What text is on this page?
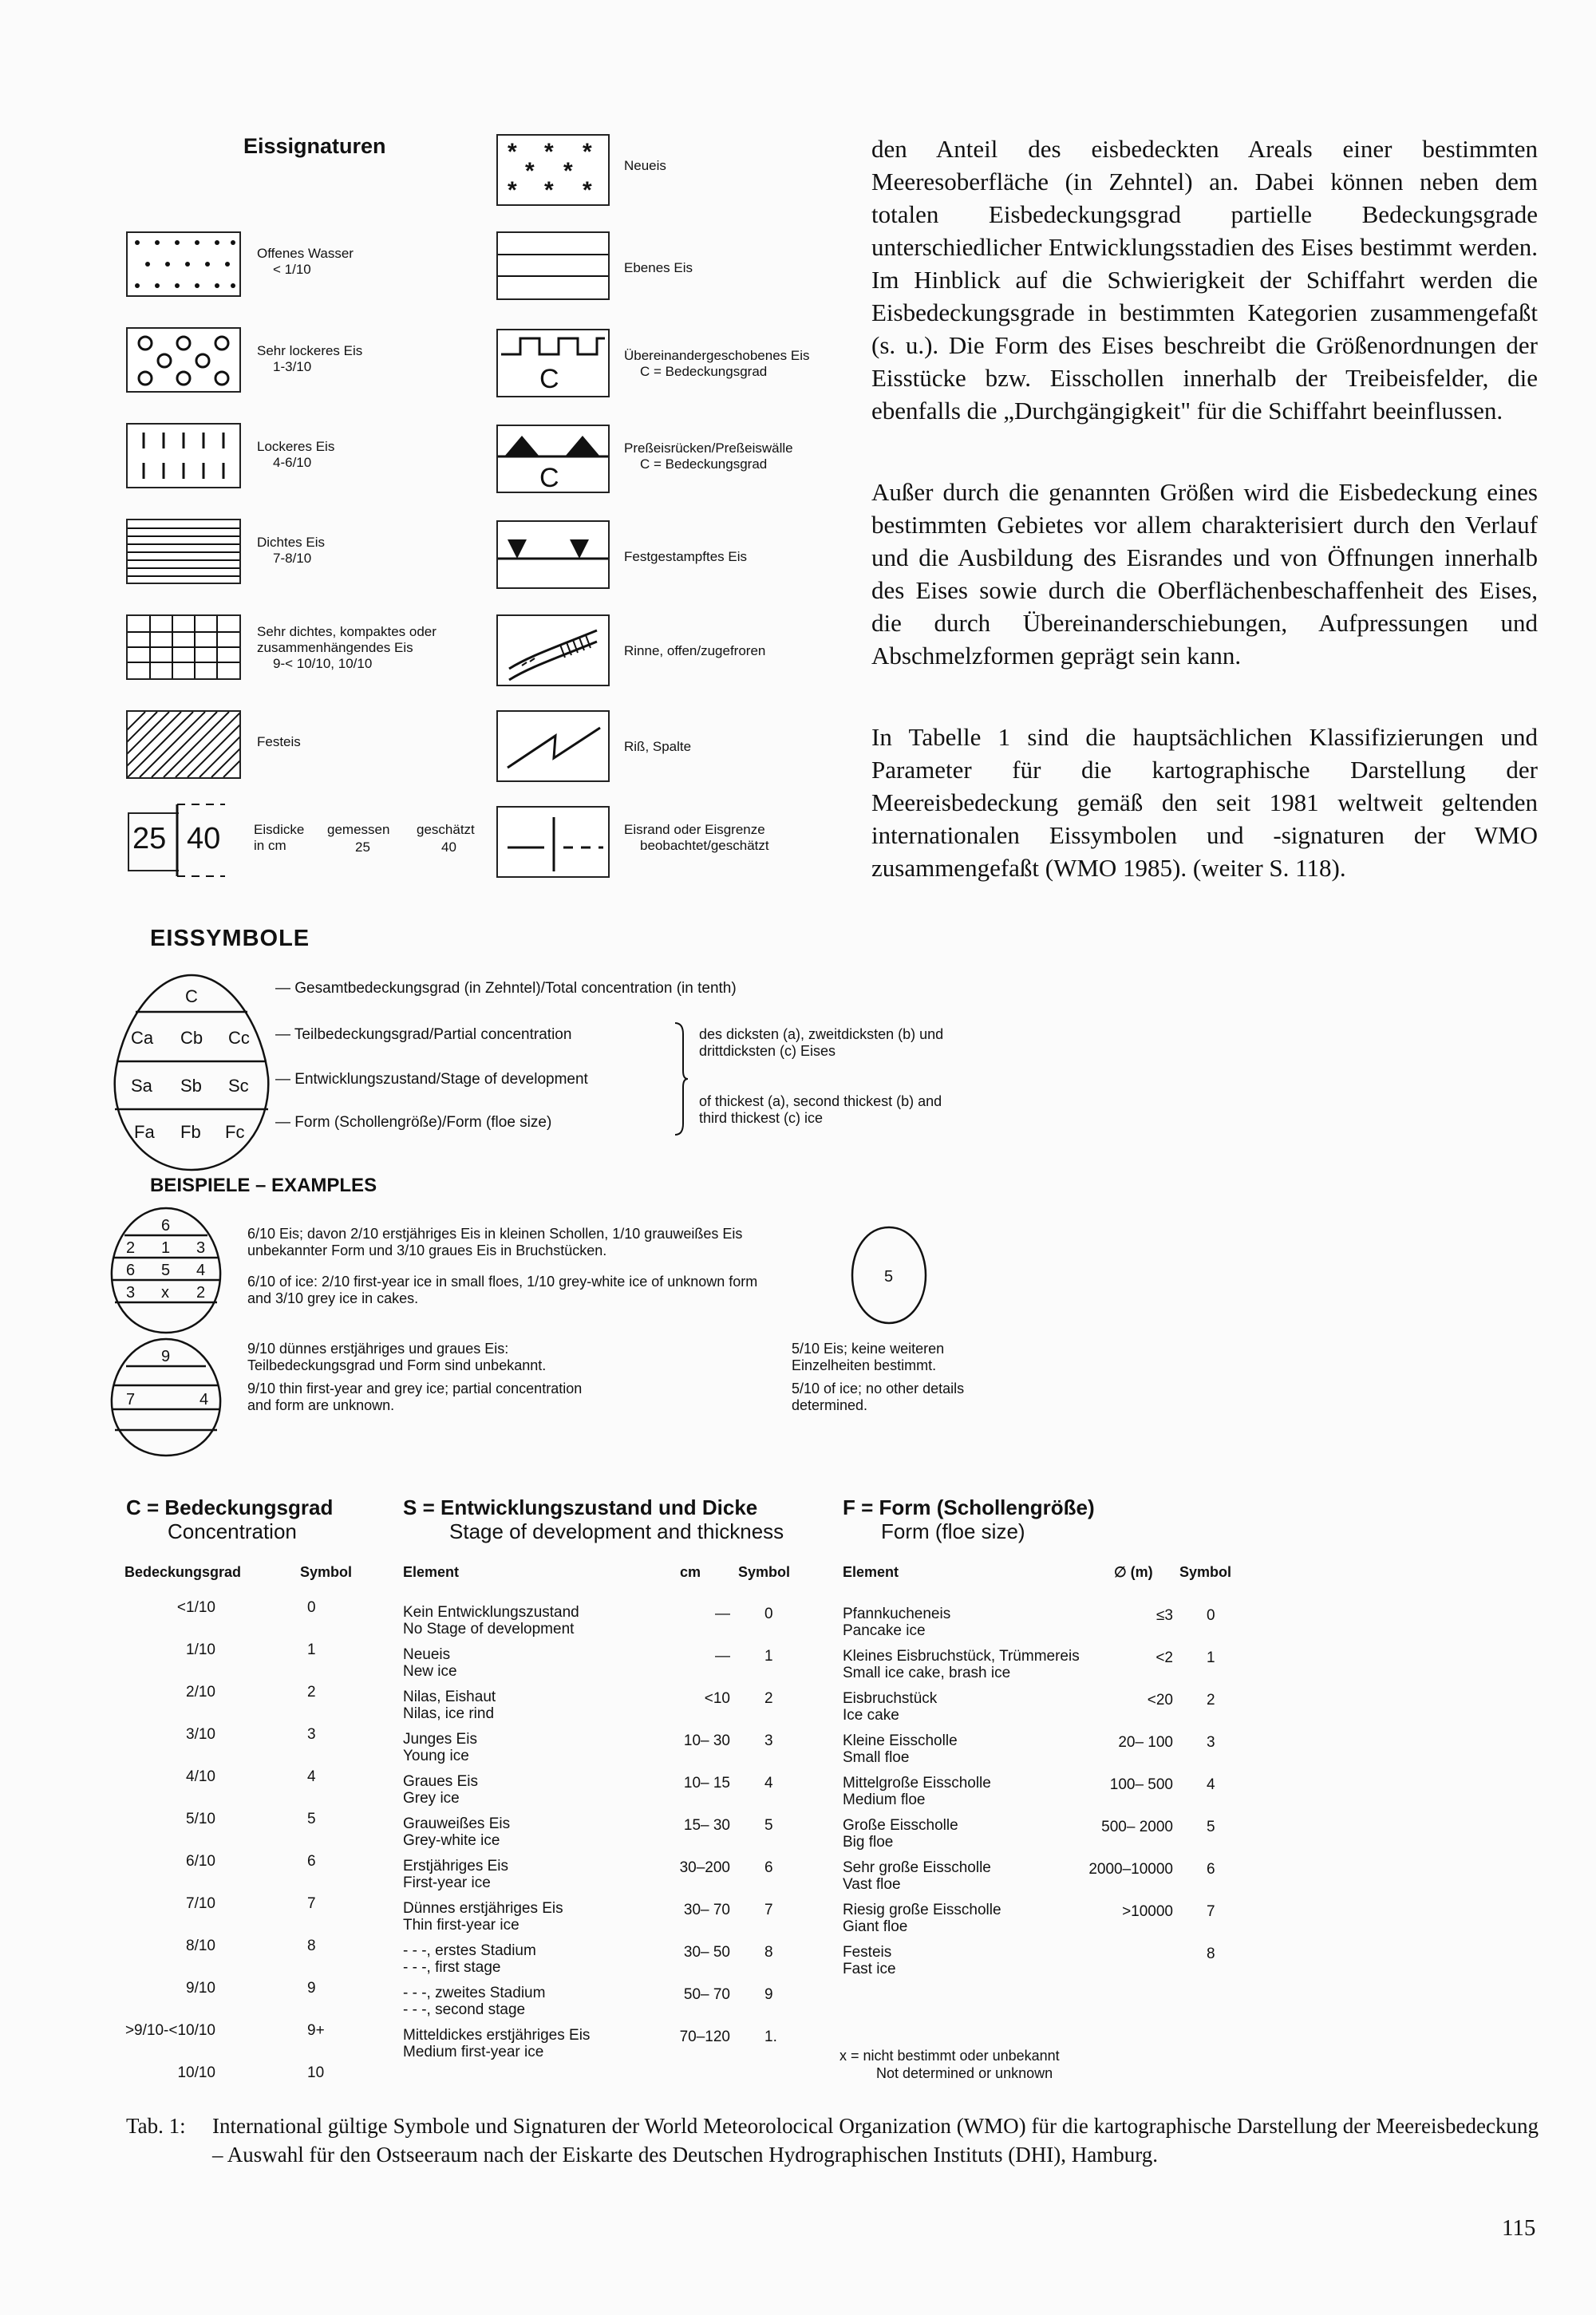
Eissignaturen
Offenes Wasser
< 1/10
Sehr lockeres Eis
1-3/10
Lockeres Eis
4-6/10
Dichtes Eis
7-8/10
Sehr dichtes, kompaktes oder zusammenhängendes Eis
9-< 10/10, 10/10
Festeis
25 40 Eisdicke in cm
gemessen geschätzt
25	40
* * *
* *
* * *
Neueis
Ebenes Eis
C
Übereinandergeschobenes Eis
C = Bedeckungsgrad
C
Preßeisrücken/Preßeiswälle
C = Bedeckungsgrad
Festgestampftes Eis
Rinne, offen/zugefroren
Riß, Spalte
Eisrand oder Eisgrenze
beobachtet/geschätzt
den Anteil des eisbedeckten Areals einer bestimmten Meeresoberfläche (in Zehntel) an. Dabei können neben dem totalen Eisbedeckungsgrad partielle Bedeckungsgrade unterschiedlicher Entwicklungsstadien des Eises bestimmt werden. Im Hinblick auf die Schwierigkeit der Schiffahrt werden die Eisbedeckungsgrade in bestimmten Kategorien zusammengefaßt (s. u.). Die Form des Eises beschreibt die Größenordnungen der Eisstücke bzw. Eisschollen innerhalb der Treibeisfelder, die ebenfalls die „Durchgängigkeit" für die Schiffahrt beeinflussen.
Außer durch die genannten Größen wird die Eisbedeckung eines bestimmten Gebietes vor allem charakterisiert durch den Verlauf und die Ausbildung des Eisrandes und von Öffnungen innerhalb des Eises sowie durch die Oberflächenbeschaffenheit des Eises, die durch Übereinanderschiebungen, Aufpressungen und Abschmelzformen geprägt sein kann.
In Tabelle 1 sind die hauptsächlichen Klassifizierungen und Parameter für die kartographische Darstellung der Meereisbedeckung gemäß den seit 1981 weltweit geltenden internationalen Eissymbolen und -signaturen der WMO zusammengefaßt (WMO 1985). (weiter S. 118).
EISSYMBOLE
C
Ca Cb Cc
Sa Sb Sc
Fa Fb Fc
— Gesamtbedeckungsgrad (in Zehntel)/Total concentration (in tenth)
— Teilbedeckungsgrad/Partial concentration
— Entwicklungszustand/Stage of development
— Form (Schollengröße)/Form (floe size)
des dicksten (a), zweitdicksten (b) und drittdicksten (c) Eises
of thickest (a), second thickest (b) and third thickest (c) ice
BEISPIELE – EXAMPLES
6
2 1 3
6 5 4
3 x 2
6/10 Eis; davon 2/10 erstjähriges Eis in kleinen Schollen, 1/10 grauweißes Eis unbekannter Form und 3/10 graues Eis in Bruchstücken.
6/10 of ice: 2/10 first-year ice in small floes, 1/10 grey-white ice of unknown form and 3/10 grey ice in cakes.
9
7	4
9/10 dünnes erstjähriges und graues Eis: Teilbedeckungsgrad und Form sind unbekannt.
9/10 thin first-year and grey ice; partial concentration and form are unknown.
5
5/10 Eis; keine weiteren Einzelheiten bestimmt.
5/10 of ice; no other details determined.
C = Bedeckungsgrad
Concentration
Bedeckungsgrad	Symbol
<1/10	0
1/10	1
2/10	2
3/10	3
4/10	4
5/10	5
6/10	6
7/10	7
8/10	8
9/10	9
>9/10-<10/10	9+
10/10	10
S = Entwicklungszustand und Dicke
Stage of development and thickness
Element	cm	Symbol
Kein Entwicklungszustand
No Stage of development
— 0
Neueis
New ice
— 1
Nilas, Eishaut
Nilas, ice rind
<10 2
Junges Eis
Young ice
10– 30 3
Graues Eis
Grey ice
10– 15 4
Grauweißes Eis
Grey-white ice
15– 30 5
Erstjähriges Eis
First-year ice
30–200 6
Dünnes erstjähriges Eis
Thin first-year ice
30– 70 7
- - -, erstes Stadium
- - -, first stage
30– 50 8
- - -, zweites Stadium
- - -, second stage
50– 70 9
Mitteldickes erstjähriges Eis
Medium first-year ice
70–120 1.
F = Form (Schollengröße)
Form (floe size)
Element	∅ (m) Symbol
Pfannkucheneis
Pancake ice
≤3 0
Kleines Eisbruchstück, Trümmereis
Small ice cake, brash ice
<2 1
Eisbruchstück
Ice cake
<20 2
Kleine Eisscholle
Small floe
20– 100 3
Mittelgroße Eisscholle
Medium floe
100– 500 4
Große Eisscholle
Big floe
500– 2000 5
Sehr große Eisscholle
Vast floe
2000–10000 6
Riesig große Eisscholle
Giant floe
>10000 7
Festeis
Fast ice
8
x = nicht bestimmt oder unbekannt
Not determined or unknown
Tab. 1: International gültige Symbole und Signaturen der World Meteorolocical Organization (WMO) für die kartographische Darstellung der Meereisbedeckung – Auswahl für den Ostseeraum nach der Eiskarte des Deutschen Hydrographischen Instituts (DHI), Hamburg.
115
